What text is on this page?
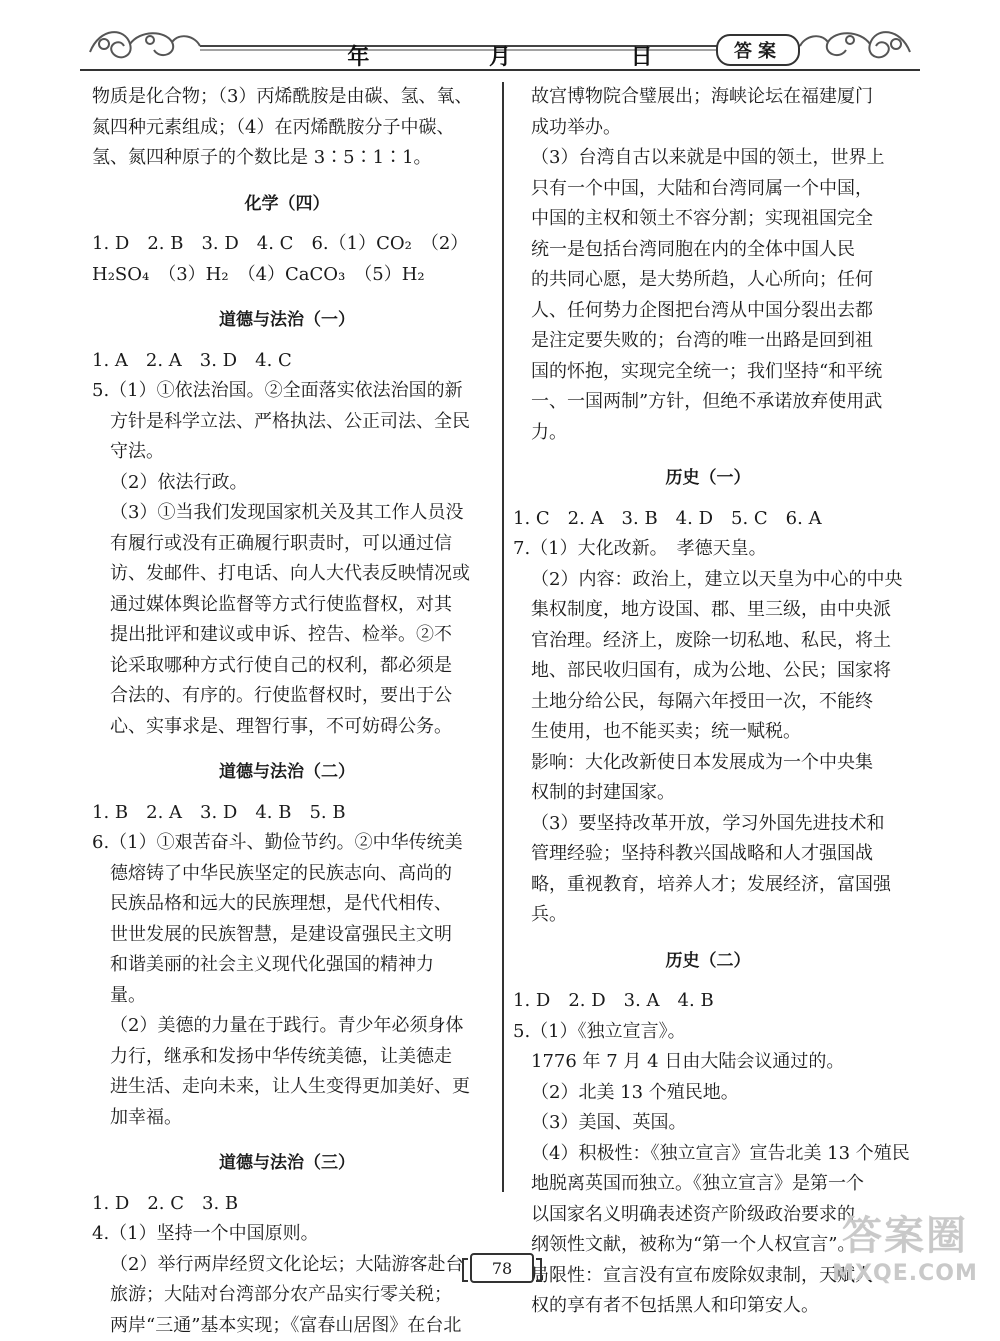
年 月 日	答案
物质是化合物；（3）丙烯酰胺是由碳、氢、氧、
氮四种元素组成；（4）在丙烯酰胺分子中碳、
氢、氮四种原子的个数比是 3∶5∶1∶1。
化学（四）
1. D　2. B　3. D　4. C　6.（1）CO₂　（2）
H₂SO₄　（3）H₂　（4）CaCO₃　（5）H₂
道德与法治（一）
1. A　2. A　3. D　4. C
5.（1）①依法治国。②全面落实依法治国的新
方针是科学立法、严格执法、公正司法、全民
守法。
（2）依法行政。
（3）①当我们发现国家机关及其工作人员没
有履行或没有正确履行职责时，可以通过信
访、发邮件、打电话、向人大代表反映情况或
通过媒体舆论监督等方式行使监督权，对其
提出批评和建议或申诉、控告、检举。②不
论采取哪种方式行使自己的权利，都必须是
合法的、有序的。行使监督权时，要出于公
心、实事求是、理智行事，不可妨碍公务。
道德与法治（二）
1. B　2. A　3. D　4. B　5. B
6.（1）①艰苦奋斗、勤俭节约。②中华传统美
德熔铸了中华民族坚定的民族志向、高尚的
民族品格和远大的民族理想，是代代相传、
世世发展的民族智慧，是建设富强民主文明
和谐美丽的社会主义现代化强国的精神力
量。
（2）美德的力量在于践行。青少年必须身体
力行，继承和发扬中华传统美德，让美德走
进生活、走向未来，让人生变得更加美好、更
加幸福。
道德与法治（三）
1. D　2. C　3. B
4.（1）坚持一个中国原则。
（2）举行两岸经贸文化论坛；大陆游客赴台
旅游；大陆对台湾部分农产品实行零关税；
两岸“三通”基本实现；《富春山居图》在台北
故宫博物院合璧展出；海峡论坛在福建厦门
成功举办。
（3）台湾自古以来就是中国的领土，世界上
只有一个中国，大陆和台湾同属一个中国，
中国的主权和领土不容分割；实现祖国完全
统一是包括台湾同胞在内的全体中国人民
的共同心愿，是大势所趋，人心所向；任何
人、任何势力企图把台湾从中国分裂出去都
是注定要失败的；台湾的唯一出路是回到祖
国的怀抱，实现完全统一；我们坚持“和平统
一、一国两制”方针，但绝不承诺放弃使用武
力。
历史（一）
1. C　2. A　3. B　4. D　5. C　6. A
7.（1）大化改新。　孝德天皇。
（2）内容：政治上，建立以天皇为中心的中央
集权制度，地方设国、郡、里三级，由中央派
官治理。经济上，废除一切私地、私民，将土
地、部民收归国有，成为公地、公民；国家将
土地分给公民，每隔六年授田一次，不能终
生使用，也不能买卖；统一赋税。
影响：大化改新使日本发展成为一个中央集
权制的封建国家。
（3）要坚持改革开放，学习外国先进技术和
管理经验；坚持科教兴国战略和人才强国战
略，重视教育，培养人才；发展经济，富国强
兵。
历史（二）
1. D　2. D　3. A　4. B
5.（1）《独立宣言》。
1776 年 7 月 4 日由大陆会议通过的。
（2）北美 13 个殖民地。
（3）美国、英国。
（4）积极性：《独立宣言》宣告北美 13 个殖民
地脱离英国而独立。《独立宣言》是第一个
以国家名义明确表述资产阶级政治要求的
纲领性文献，被称为“第一个人权宣言”。
局限性：宣言没有宣布废除奴隶制，天赋人
权的享有者不包括黑人和印第安人。
78
答案圈
MXQE.COM
